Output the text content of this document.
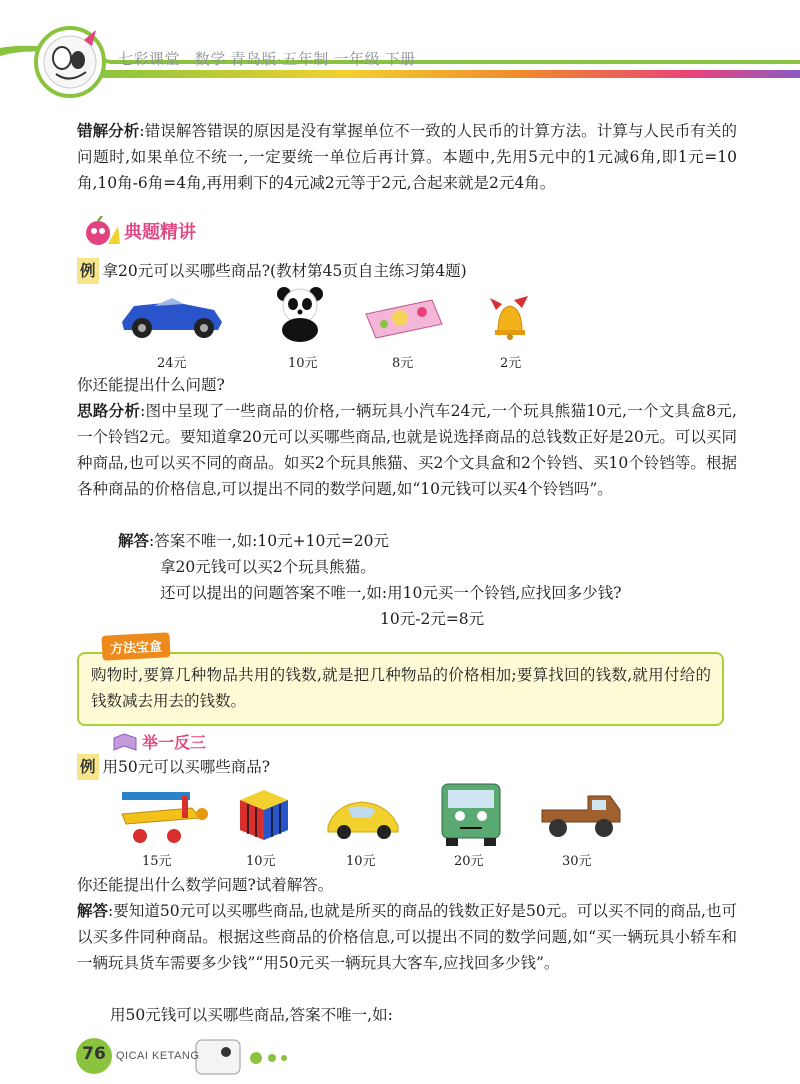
七彩课堂 数学 青岛版·五年制 一年级 下册
错解分析:错误解答错误的原因是没有掌握单位不一致的人民币的计算方法。计算与人民币有关的问题时,如果单位不统一,一定要统一单位后再计算。本题中,先用5元中的1元减6角,即1元=10角,10角-6角=4角,再用剩下的4元减2元等于2元,合起来就是2元4角。
典题精讲
例 拿20元可以买哪些商品?(教材第45页自主练习第4题)
24元	10元	8元	2元
你还能提出什么问题?
思路分析:图中呈现了一些商品的价格,一辆玩具小汽车24元,一个玩具熊猫10元,一个文具盒8元,一个铃铛2元。要知道拿20元可以买哪些商品,也就是说选择商品的总钱数正好是20元。可以买同种商品,也可以买不同的商品。如买2个玩具熊猫、买2个文具盒和2个铃铛、买10个铃铛等。根据各种商品的价格信息,可以提出不同的数学问题,如“10元钱可以买4个铃铛吗”。
解答:答案不唯一,如:10元+10元=20元
拿20元钱可以买2个玩具熊猫。
还可以提出的问题答案不唯一,如:用10元买一个铃铛,应找回多少钱?
10元-2元=8元
购物时,要算几种物品共用的钱数,就是把几种物品的价格相加;要算找回的钱数,就用付给的钱数减去用去的钱数。
方法宝盒
举一反三
例 用50元可以买哪些商品?
15元	10元	10元	20元	30元
你还能提出什么数学问题?试着解答。
解答:要知道50元可以买哪些商品,也就是所买的商品的钱数正好是50元。可以买不同的商品,也可以买多件同种商品。根据这些商品的价格信息,可以提出不同的数学问题,如“买一辆玩具小轿车和一辆玩具货车需要多少钱”“用50元买一辆玩具大客车,应找回多少钱”。
用50元钱可以买哪些商品,答案不唯一,如:
76 QICAI KETANG
